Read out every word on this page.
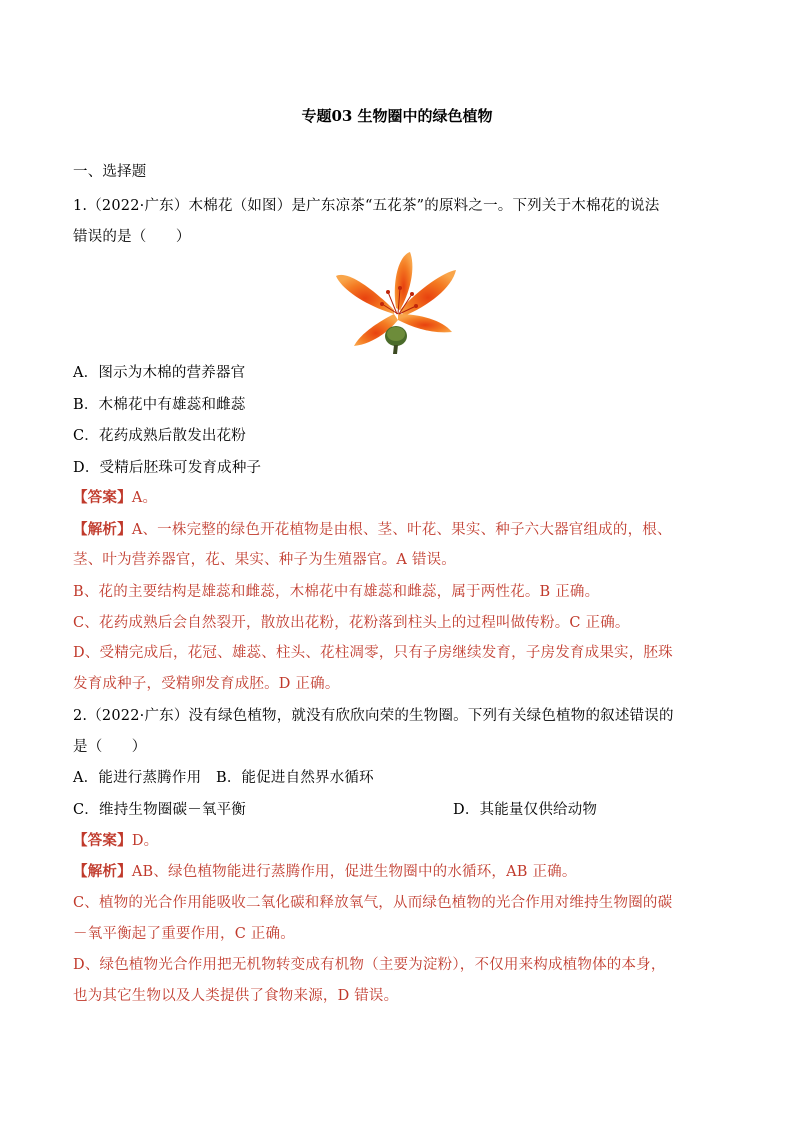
专题03 生物圈中的绿色植物
一、选择题
1.（2022·广东）木棉花（如图）是广东凉茶“五花茶”的原料之一。下列关于木棉花的说法
错误的是（　　）
A．图示为木棉的营养器官
B．木棉花中有雄蕊和雌蕊
C．花药成熟后散发出花粉
D．受精后胚珠可发育成种子
【答案】A。
【解析】A、一株完整的绿色开花植物是由根、茎、叶花、果实、种子六大器官组成的，根、
茎、叶为营养器官，花、果实、种子为生殖器官。A 错误。
B、花的主要结构是雄蕊和雌蕊，木棉花中有雄蕊和雌蕊，属于两性花。B 正确。
C、花药成熟后会自然裂开，散放出花粉，花粉落到柱头上的过程叫做传粉。C 正确。
D、受精完成后，花冠、雄蕊、柱头、花柱凋零，只有子房继续发育，子房发育成果实，胚珠
发育成种子，受精卵发育成胚。D 正确。
2.（2022·广东）没有绿色植物，就没有欣欣向荣的生物圈。下列有关绿色植物的叙述错误的
是（　　）
A．能进行蒸腾作用　B．能促进自然界水循环
C．维持生物圈碳－氧平衡	D．其能量仅供给动物
【答案】D。
【解析】AB、绿色植物能进行蒸腾作用，促进生物圈中的水循环，AB 正确。
C、植物的光合作用能吸收二氧化碳和释放氧气，从而绿色植物的光合作用对维持生物圈的碳
－氧平衡起了重要作用，C 正确。
D、绿色植物光合作用把无机物转变成有机物（主要为淀粉），不仅用来构成植物体的本身，
也为其它生物以及人类提供了食物来源，D 错误。
